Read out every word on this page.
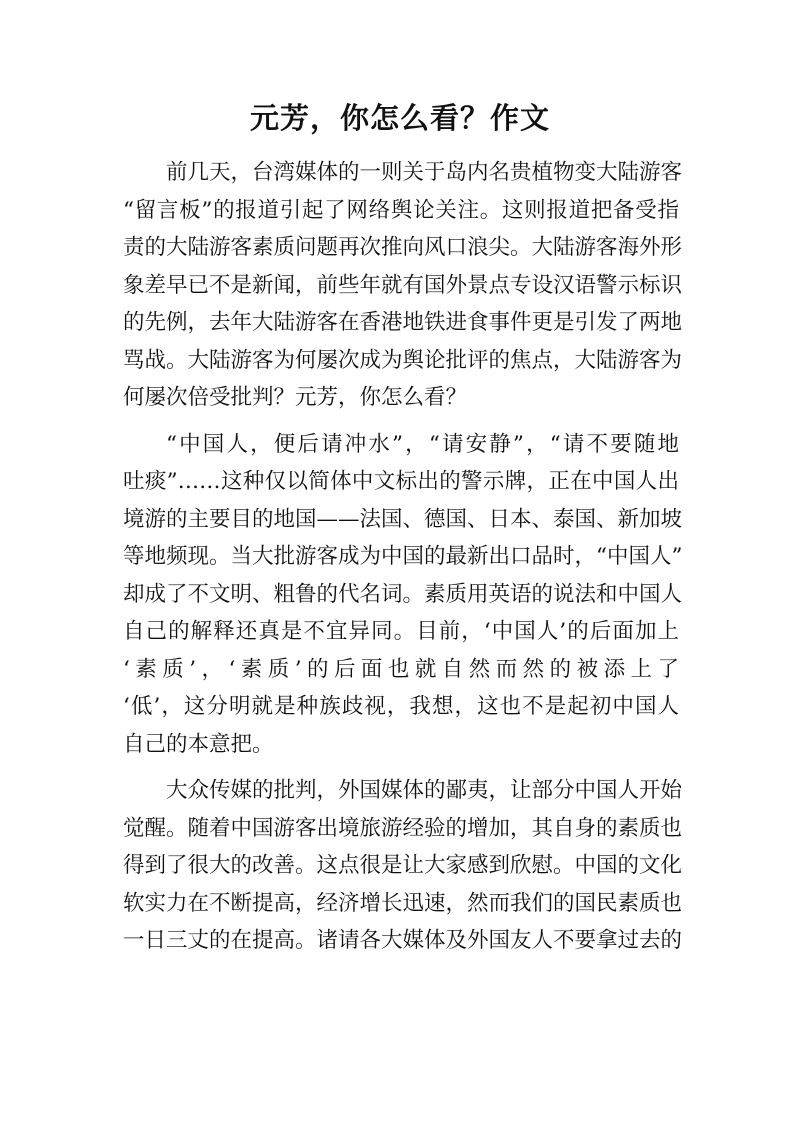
元芳，你怎么看？作文

前几天，台湾媒体的一则关于岛内名贵植物变大陆游客
“留言板”的报道引起了网络舆论关注。这则报道把备受指
责的大陆游客素质问题再次推向风口浪尖。大陆游客海外形
象差早已不是新闻，前些年就有国外景点专设汉语警示标识
的先例，去年大陆游客在香港地铁进食事件更是引发了两地
骂战。大陆游客为何屡次成为舆论批评的焦点，大陆游客为
何屡次倍受批判？元芳，你怎么看？

“中国人，便后请冲水”，“请安静”，“请不要随地
吐痰”……这种仅以简体中文标出的警示牌，正在中国人出
境游的主要目的地国——法国、德国、日本、泰国、新加坡
等地频现。当大批游客成为中国的最新出口品时，“中国人”
却成了不文明、粗鲁的代名词。素质用英语的说法和中国人
自己的解释还真是不宜异同。目前，‘中国人’的后面加上
‘素质’，‘素质’的后面也就自然而然的被添上了
‘低’，这分明就是种族歧视，我想，这也不是起初中国人
自己的本意把。

大众传媒的批判，外国媒体的鄙夷，让部分中国人开始
觉醒。随着中国游客出境旅游经验的增加，其自身的素质也
得到了很大的改善。这点很是让大家感到欣慰。中国的文化
软实力在不断提高，经济增长迅速，然而我们的国民素质也
一日三丈的在提高。诸请各大媒体及外国友人不要拿过去的
